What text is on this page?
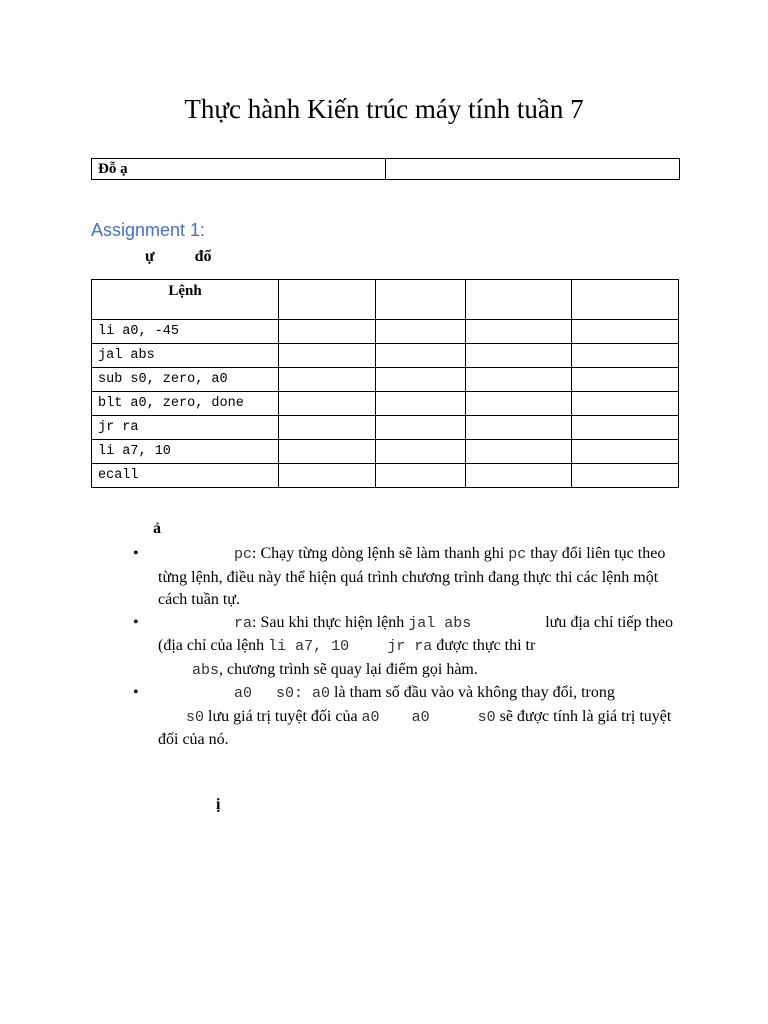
Thực hành Kiến trúc máy tính tuần 7
Đỗ ạ	
Assignment 1:
ự	đổ
Lệnh				
li a0, -45				
jal abs				
sub s0, zero, a0				
blt a0, zero, done				
jr ra				
li a7, 10				
ecall				
ả
•	pc: Chạy từng dòng lệnh sẽ làm thanh ghi pc thay đổi liên tục theo từng lệnh, điều này thể hiện quá trình chương trình đang thực thi các lệnh một cách tuần tự.
•	ra: Sau khi thực hiện lệnh jal abs	lưu địa chỉ tiếp theo (địa chỉ của lệnh li a7, 10	jr ra được thực thi tr
abs, chương trình sẽ quay lại điểm gọi hàm.
•	a0 s0: a0 là tham số đầu vào và không thay đổi, trong
s0 lưu giá trị tuyệt đối của a0 a0	s0 sẽ được tính là giá trị tuyệt đối của nó.
ị
